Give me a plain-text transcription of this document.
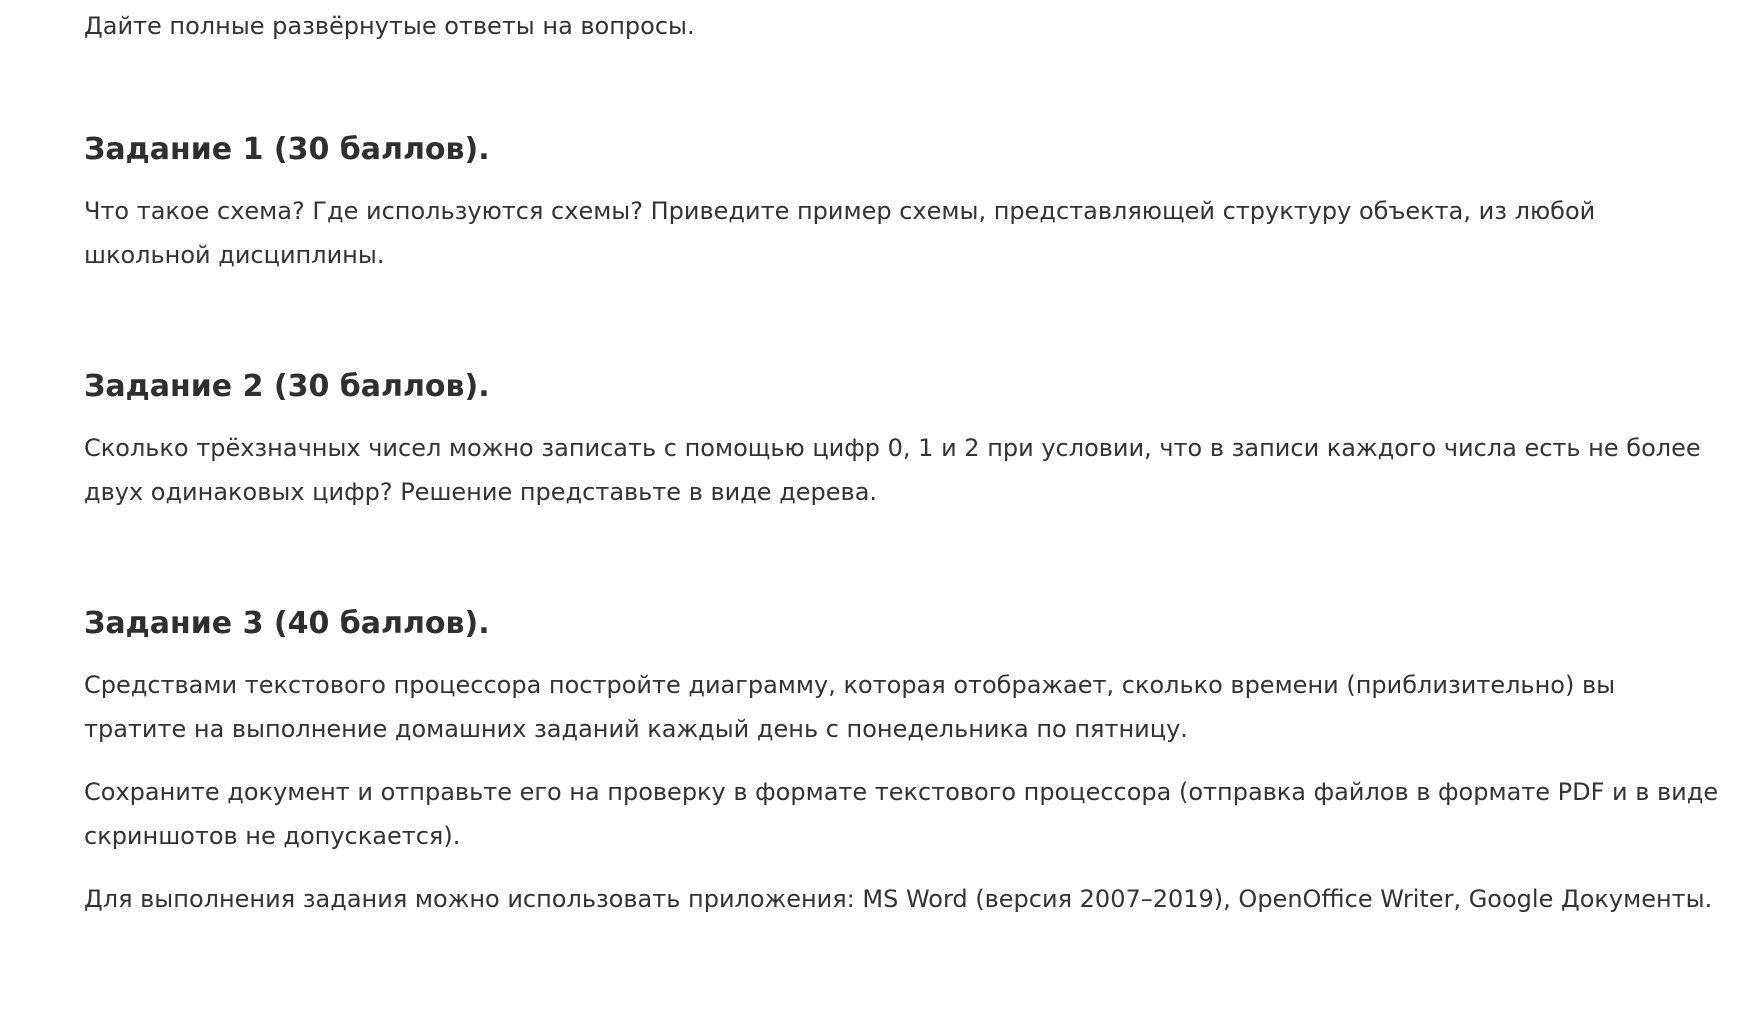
Дайте полные развёрнутые ответы на вопросы.

Задание 1 (30 баллов).

Что такое схема? Где используются схемы? Приведите пример схемы, представляющей структуру объекта, из любой школьной дисциплины.

Задание 2 (30 баллов).

Сколько трёхзначных чисел можно записать с помощью цифр 0, 1 и 2 при условии, что в записи каждого числа есть не более двух одинаковых цифр? Решение представьте в виде дерева.

Задание 3 (40 баллов).

Средствами текстового процессора постройте диаграмму, которая отображает, сколько времени (приблизительно) вы тратите на выполнение домашних заданий каждый день с понедельника по пятницу.

Сохраните документ и отправьте его на проверку в формате текстового процессора (отправка файлов в формате PDF и в виде скриншотов не допускается).

Для выполнения задания можно использовать приложения: MS Word (версия 2007–2019), OpenOffice Writer, Google Документы.
